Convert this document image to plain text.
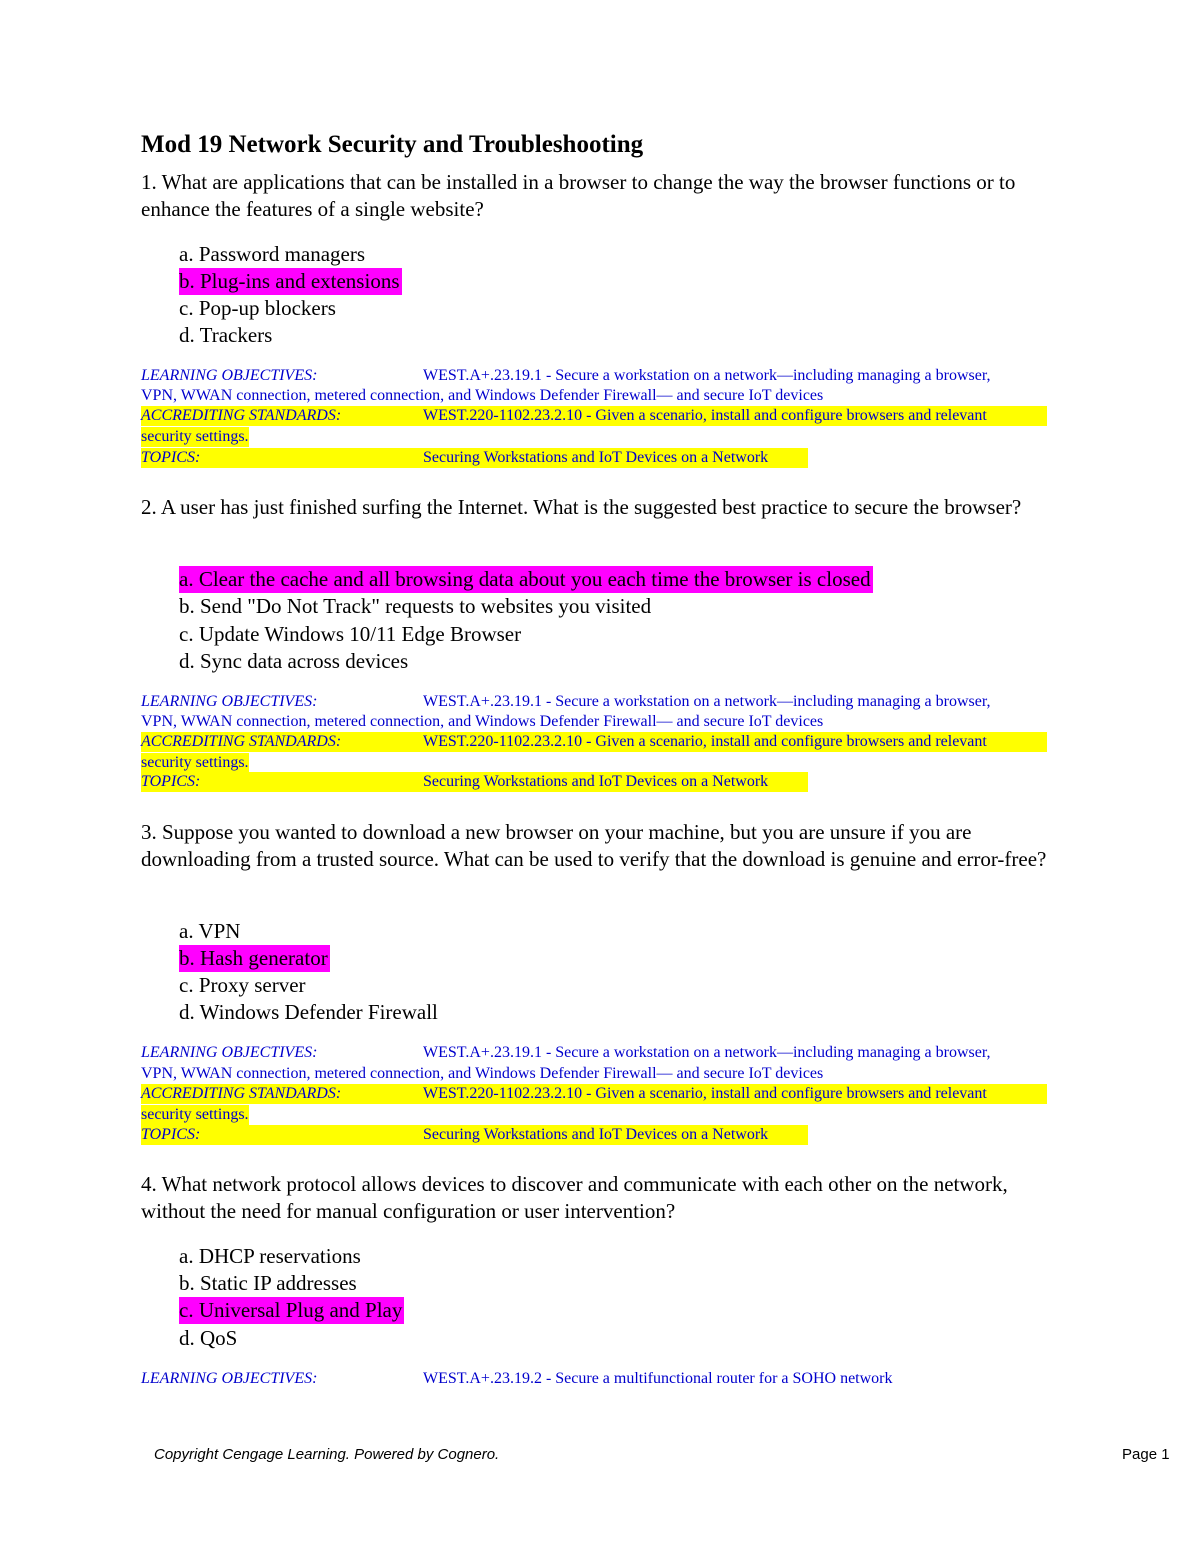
Mod 19 Network Security and Troubleshooting
1. What are applications that can be installed in a browser to change the way the browser functions or to enhance the features of a single website?
a. Password managers
b. Plug-ins and extensions
c. Pop-up blockers
d. Trackers
LEARNING OBJECTIVES:	WEST.A+.23.19.1 - Secure a workstation on a network—including managing a browser,
VPN, WWAN connection, metered connection, and Windows Defender Firewall— and secure IoT devices
ACCREDITING STANDARDS:	WEST.220-1102.23.2.10 - Given a scenario, install and configure browsers and relevant
security settings.
TOPICS:	Securing Workstations and IoT Devices on a Network
2. A user has just finished surfing the Internet. What is the suggested best practice to secure the browser?
a. Clear the cache and all browsing data about you each time the browser is closed
b. Send "Do Not Track" requests to websites you visited
c. Update Windows 10/11 Edge Browser
d. Sync data across devices
LEARNING OBJECTIVES:	WEST.A+.23.19.1 - Secure a workstation on a network—including managing a browser,
VPN, WWAN connection, metered connection, and Windows Defender Firewall— and secure IoT devices
ACCREDITING STANDARDS:	WEST.220-1102.23.2.10 - Given a scenario, install and configure browsers and relevant
security settings.
TOPICS:	Securing Workstations and IoT Devices on a Network
3. Suppose you wanted to download a new browser on your machine, but you are unsure if you are downloading from a trusted source. What can be used to verify that the download is genuine and error-free?
a. VPN
b. Hash generator
c. Proxy server
d. Windows Defender Firewall
LEARNING OBJECTIVES:	WEST.A+.23.19.1 - Secure a workstation on a network—including managing a browser,
VPN, WWAN connection, metered connection, and Windows Defender Firewall— and secure IoT devices
ACCREDITING STANDARDS:	WEST.220-1102.23.2.10 - Given a scenario, install and configure browsers and relevant
security settings.
TOPICS:	Securing Workstations and IoT Devices on a Network
4. What network protocol allows devices to discover and communicate with each other on the network, without the need for manual configuration or user intervention?
a. DHCP reservations
b. Static IP addresses
c. Universal Plug and Play
d. QoS
LEARNING OBJECTIVES:	WEST.A+.23.19.2 - Secure a multifunctional router for a SOHO network
Copyright Cengage Learning. Powered by Cognero.	Page 1
